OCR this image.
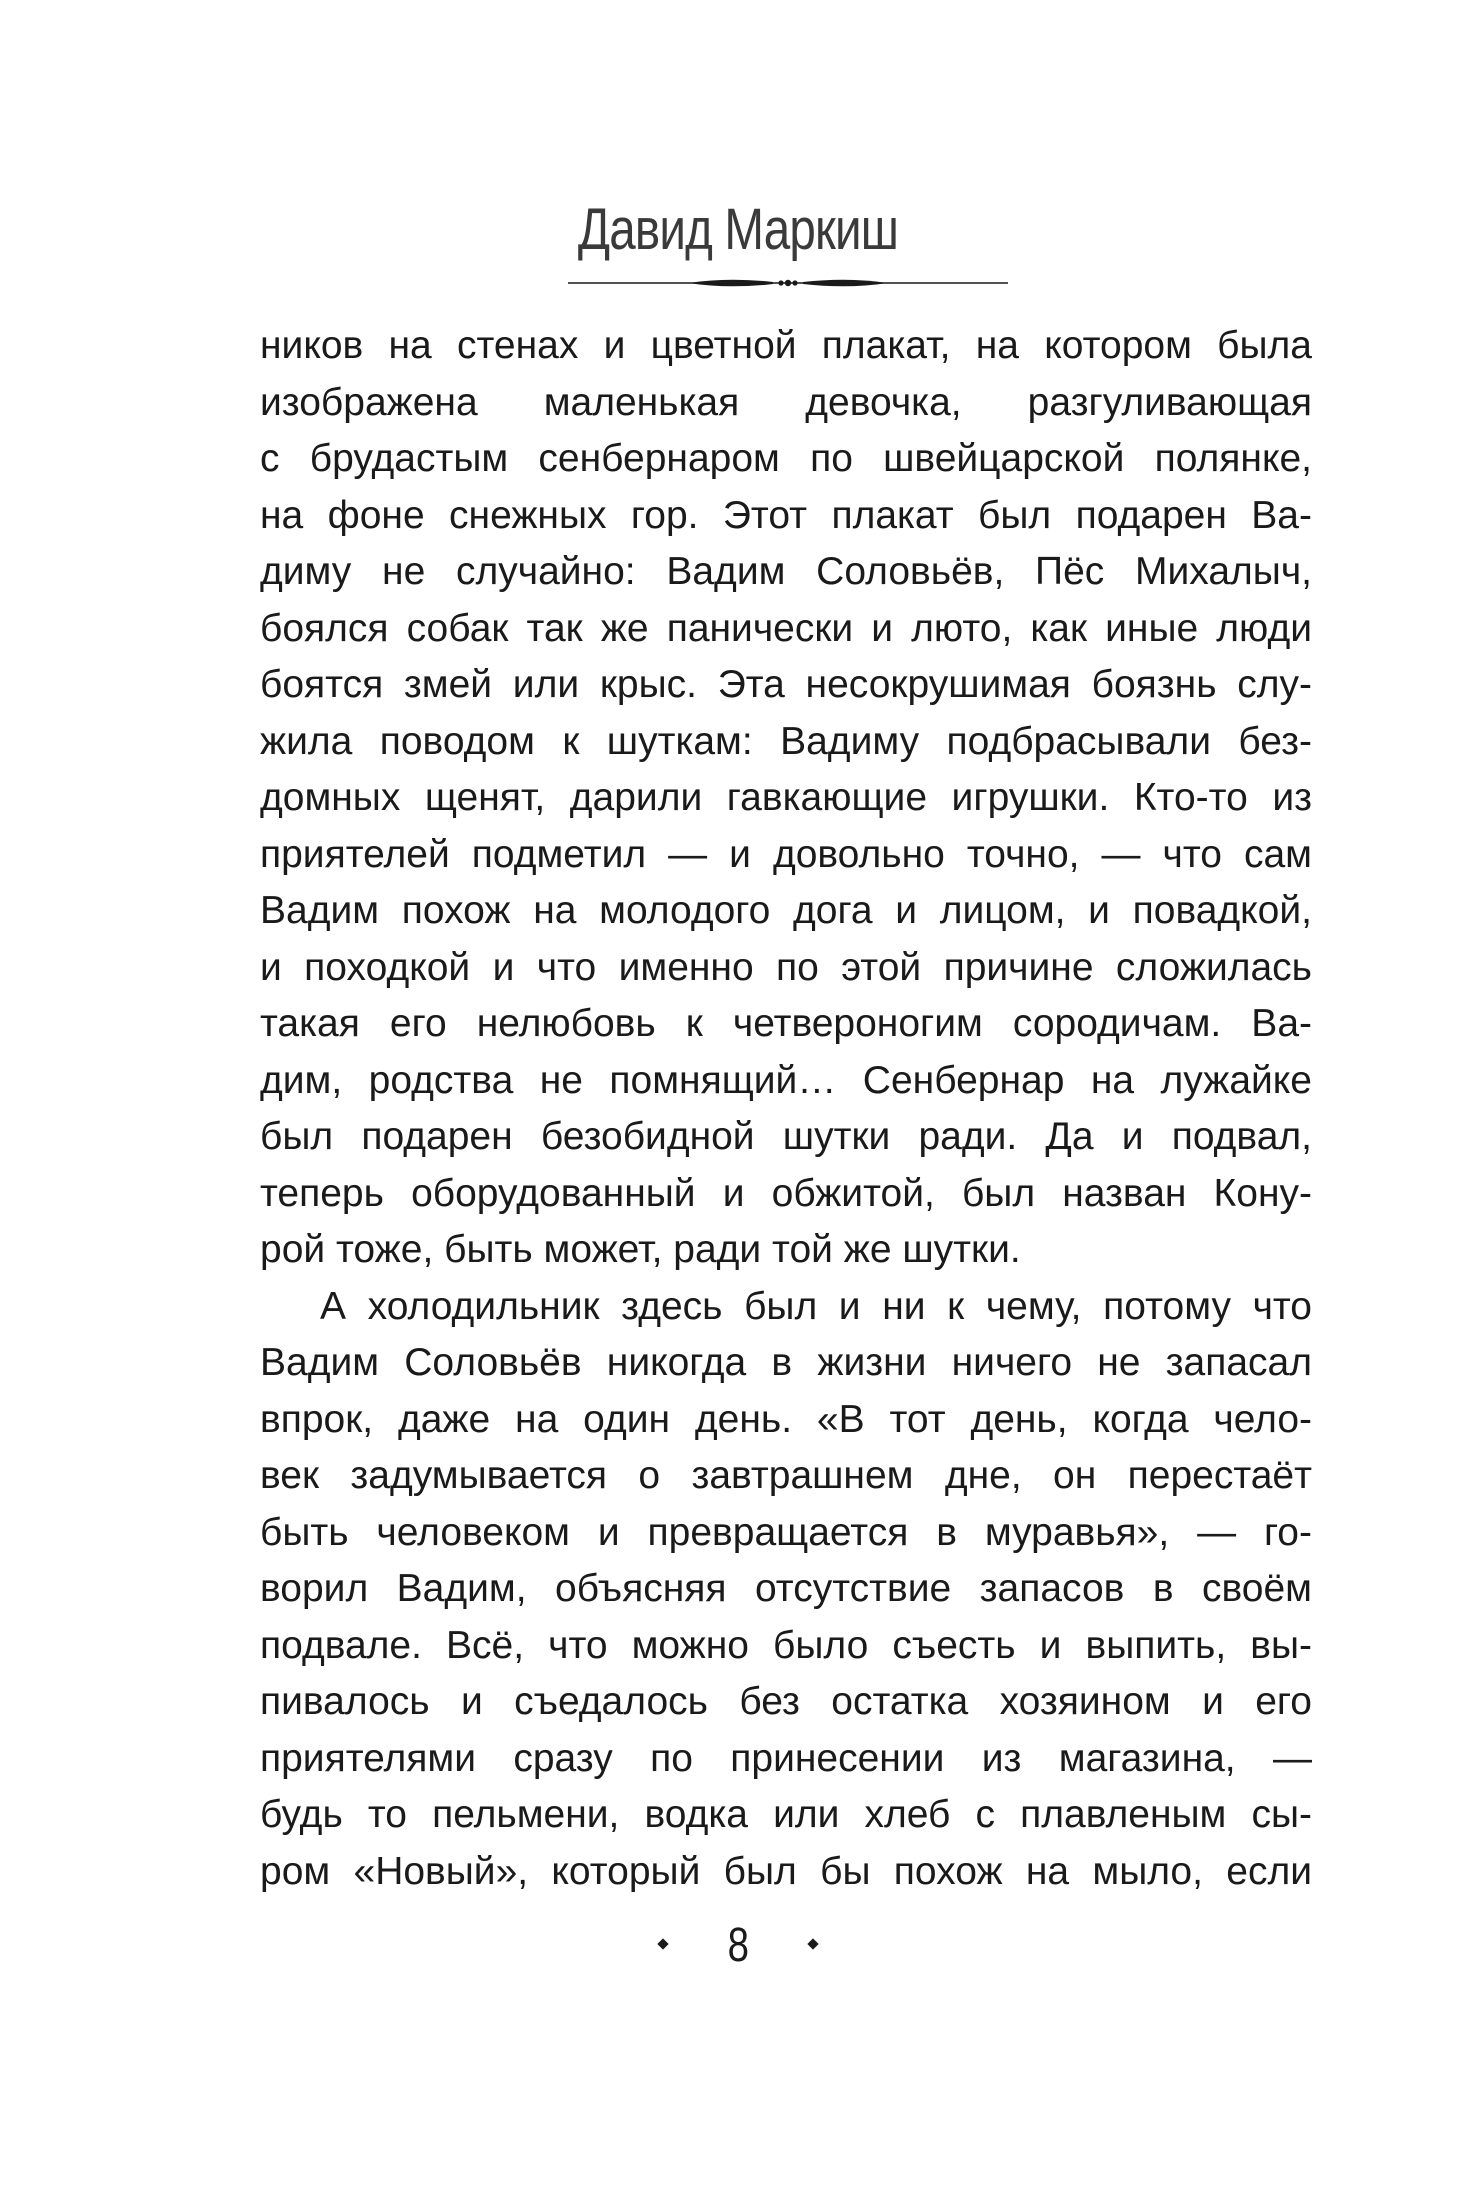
Давид Маркиш
ников на стенах и цветной плакат, на котором была
изображена маленькая девочка, разгуливающая
с брудастым сенбернаром по швейцарской полянке,
на фоне снежных гор. Этот плакат был подарен Ва-
диму не случайно: Вадим Соловьёв, Пёс Михалыч,
боялся собак так же панически и люто, как иные люди
боятся змей или крыс. Эта несокрушимая боязнь слу-
жила поводом к шуткам: Вадиму подбрасывали без-
домных щенят, дарили гавкающие игрушки. Кто-то из
приятелей подметил — и довольно точно, — что сам
Вадим похож на молодого дога и лицом, и повадкой,
и походкой и что именно по этой причине сложилась
такая его нелюбовь к четвероногим сородичам. Ва-
дим, родства не помнящий… Сенбернар на лужайке
был подарен безобидной шутки ради. Да и подвал,
теперь оборудованный и обжитой, был назван Кону-
рой тоже, быть может, ради той же шутки.
А холодильник здесь был и ни к чему, потому что
Вадим Соловьёв никогда в жизни ничего не запасал
впрок, даже на один день. «В тот день, когда чело-
век задумывается о завтрашнем дне, он перестаёт
быть человеком и превращается в муравья», — го-
ворил Вадим, объясняя отсутствие запасов в своём
подвале. Всё, что можно было съесть и выпить, вы-
пивалось и съедалось без остатка хозяином и его
приятелями сразу по принесении из магазина, —
будь то пельмени, водка или хлеб с плавленым сы-
ром «Новый», который был бы похож на мыло, если
8
